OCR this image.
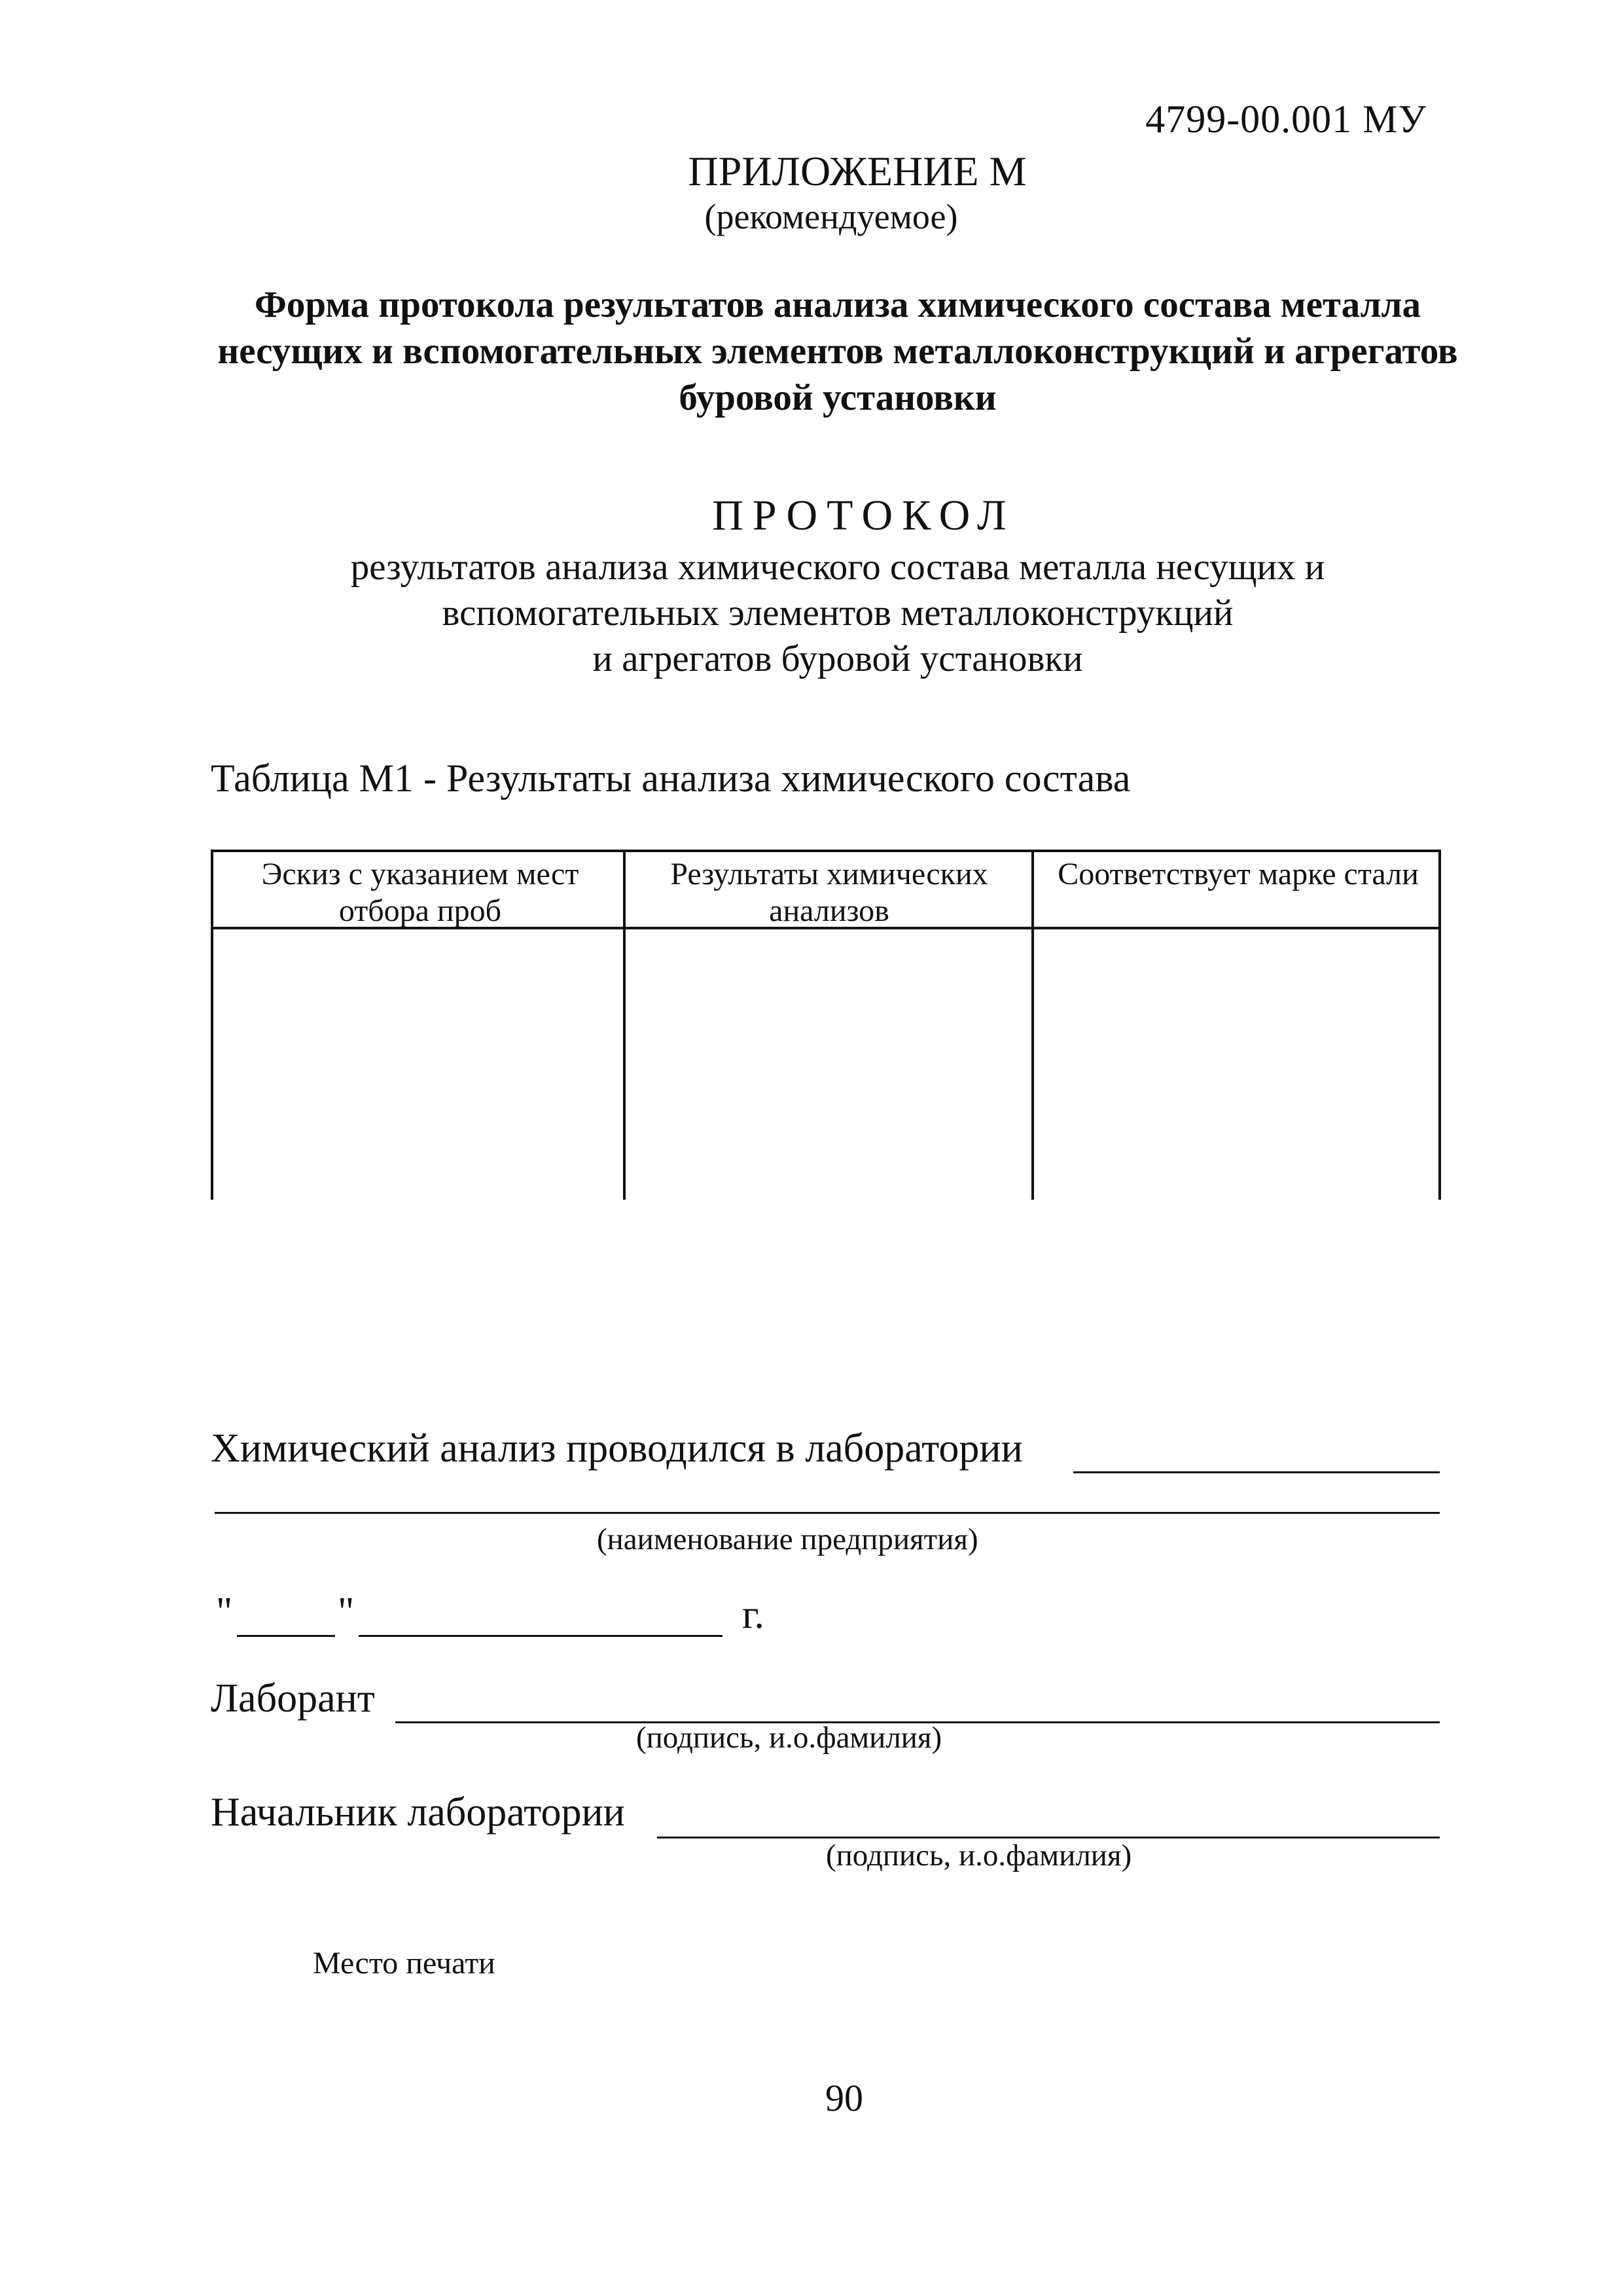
4799-00.001 МУ
ПРИЛОЖЕНИЕ М
(рекомендуемое)
Форма протокола результатов анализа химического состава металла несущих и вспомогательных элементов металлоконструкций и агрегатов буровой установки
ПРОТОКОЛ
результатов анализа химического состава металла несущих и
вспомогательных элементов металлоконструкций
и агрегатов буровой установки
Таблица М1 - Результаты анализа химического состава
Эскиз с указанием мест отбора проб
Результаты химических анализов
Соответствует марке стали
Химический анализ проводился в лаборатории
(наименование предприятия)
"	"	г.
Лаборант
(подпись, и.о.фамилия)
Начальник лаборатории
(подпись, и.о.фамилия)
Место печати
90
